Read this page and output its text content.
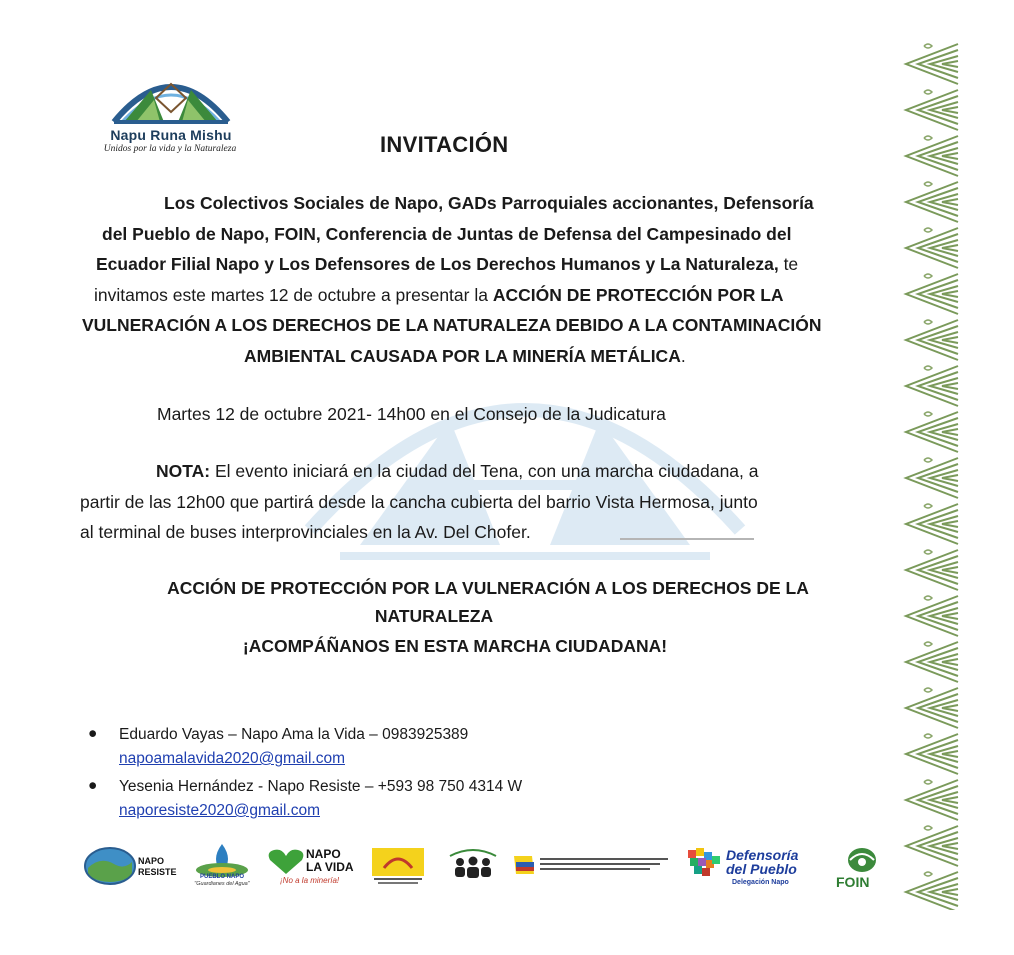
Napu Runa Mishu
Unidos por la vida y la Naturaleza	INVITACIÓN
Los Colectivos Sociales de Napo, GADs Parroquiales accionantes, Defensoría
del Pueblo de Napo, FOIN, Conferencia de Juntas de Defensa del Campesinado del
Ecuador Filial Napo y Los Defensores de Los Derechos Humanos y La Naturaleza, te
invitamos este martes 12 de octubre a presentar la ACCIÓN DE PROTECCIÓN POR LA
VULNERACIÓN A LOS DERECHOS DE LA NATURALEZA DEBIDO A LA CONTAMINACIÓN
AMBIENTAL CAUSADA POR LA MINERÍA METÁLICA.
Martes 12 de octubre 2021- 14h00 en el Consejo de la Judicatura
NOTA: El evento iniciará en la ciudad del Tena, con una marcha ciudadana, a
partir de las 12h00 que partirá desde la cancha cubierta del barrio Vista Hermosa, junto
al terminal de buses interprovinciales en la Av. Del Chofer.
ACCIÓN DE PROTECCIÓN POR LA VULNERACIÓN A LOS DERECHOS DE LA
NATURALEZA
¡ACOMPÁÑANOS EN ESTA MARCHA CIUDADANA!
● Eduardo Vayas – Napo Ama la Vida – 0983925389
napoamalavida2020@gmail.com
● Yesenia Hernández - Napo Resiste – +593 98 750 4314 W
naporesiste2020@gmail.com
NAPO
RESISTE	PUEBLO NAPO
"Guardianes del Agua"
NAPO
LA VIDA
¡No a la minería!
Defensoría
del Pueblo
Delegación Napo	FOIN
